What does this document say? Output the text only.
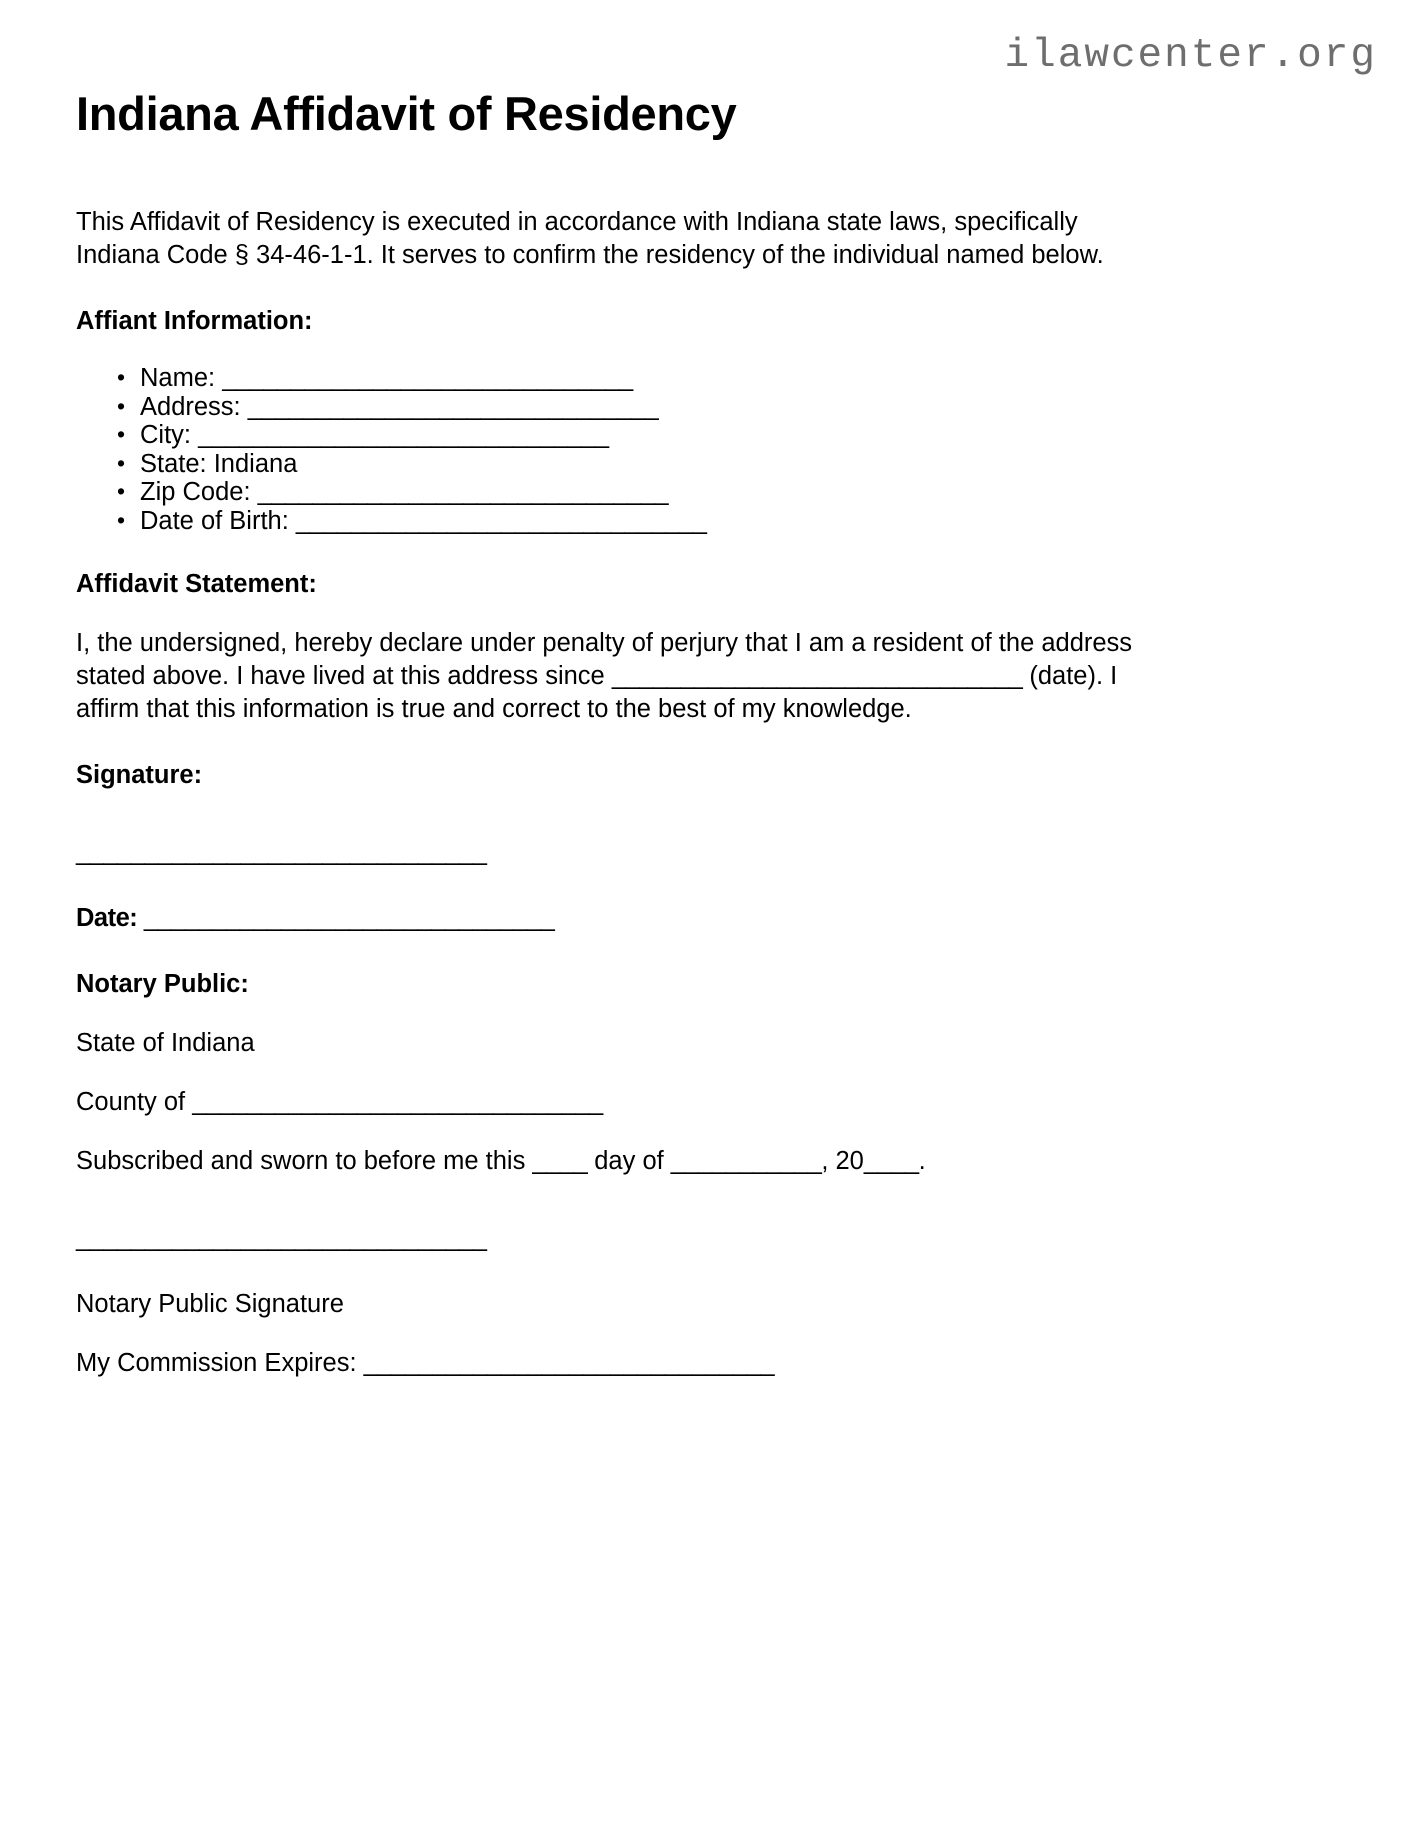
ilawcenter.org
Indiana Affidavit of Residency

This Affidavit of Residency is executed in accordance with Indiana state laws, specifically Indiana Code § 34-46-1-1. It serves to confirm the residency of the individual named below.

Affiant Information:
• Name: ______________________________
• Address: ______________________________
• City: ______________________________
• State: Indiana
• Zip Code: ______________________________
• Date of Birth: ______________________________
Affidavit Statement:

I, the undersigned, hereby declare under penalty of perjury that I am a resident of the address stated above. I have lived at this address since ______________________________ (date). I affirm that this information is true and correct to the best of my knowledge.

Signature:
______________________________
Date: ______________________________
Notary Public:

State of Indiana

County of ______________________________

Subscribed and sworn to before me this ____ day of ___________, 20____.

______________________________

Notary Public Signature

My Commission Expires: ______________________________
